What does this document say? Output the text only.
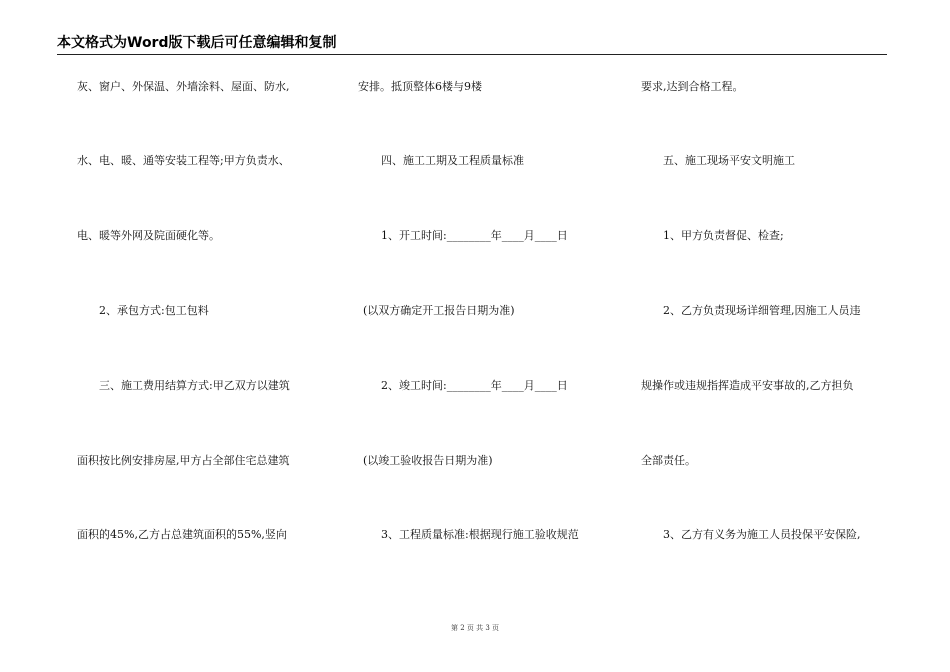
本文格式为Word版下载后可任意编辑和复制
灰、窗户、外保温、外墙涂料、屋面、防水,
水、电、暖、通等安装工程等;甲方负责水、
电、暖等外网及院面硬化等。
2、承包方式:包工包料
三、施工费用结算方式:甲乙双方以建筑
面积按比例安排房屋,甲方占全部住宅总建筑
面积的45%,乙方占总建筑面积的55%,竖向
安排。抵顶整体6楼与9楼
四、施工工期及工程质量标准
1、开工时间:________年____月____日
(以双方确定开工报告日期为准)
2、竣工时间:________年____月____日
(以竣工验收报告日期为准)
3、工程质量标准:根据现行施工验收规范
要求,达到合格工程。
五、施工现场平安文明施工
1、甲方负责督促、检查;
2、乙方负责现场详细管理,因施工人员违
规操作或违规指挥造成平安事故的,乙方担负
全部责任。
3、乙方有义务为施工人员投保平安保险,
第 2 页 共 3 页
